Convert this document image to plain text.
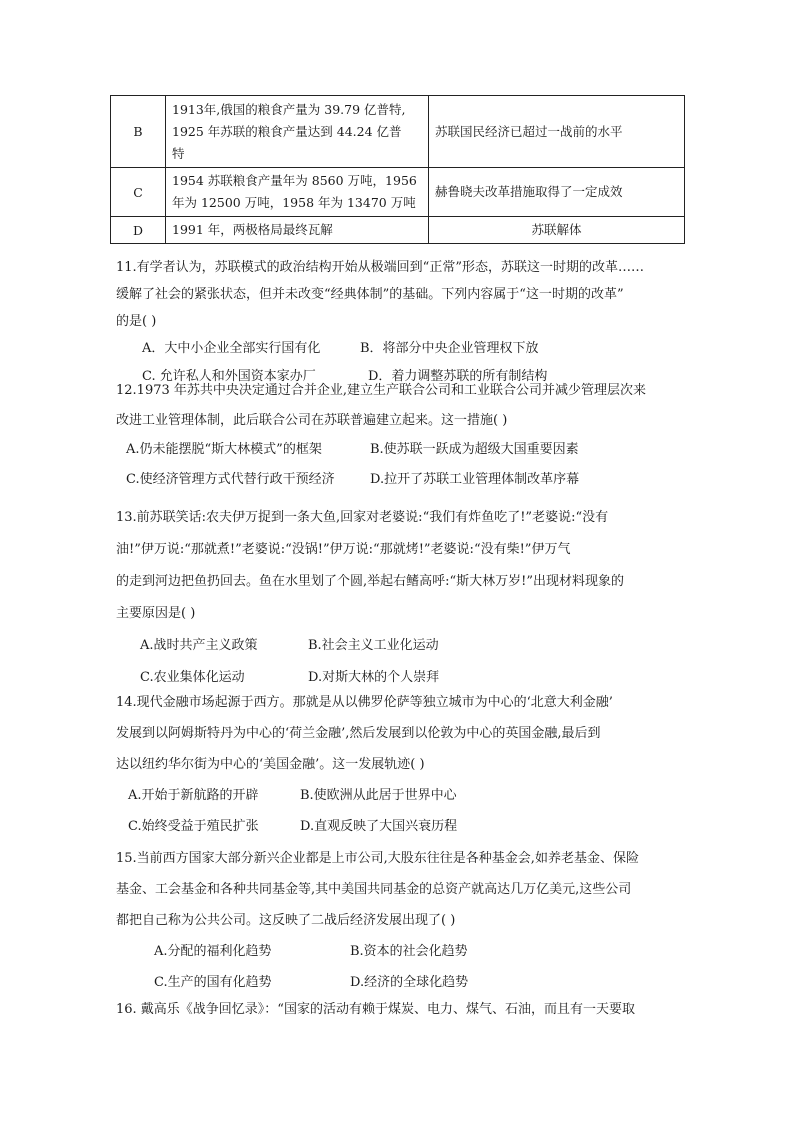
B	1913年,俄国的粮食产量为 39.79 亿普特,
1925 年苏联的粮食产量达到 44.24 亿普
特	苏联国民经济已超过一战前的水平
C	1954 苏联粮食产量年为 8560 万吨，1956
年为 12500 万吨，1958 年为 13470 万吨	赫鲁晓夫改革措施取得了一定成效
D	1991 年，两极格局最终瓦解	苏联解体

11.有学者认为，苏联模式的政治结构开始从极端回到“正常”形态，苏联这一时期的改革……

缓解了社会的紧张状态，但并未改变“经典体制”的基础。下列内容属于“这一时期的改革”

的是( )

A．大中小企业全部实行国有化	B．将部分中央企业管理权下放
C. 允许私人和外国资本家办厂	D．着力调整苏联的所有制结构

12.1973 年苏共中央决定通过合并企业,建立生产联合公司和工业联合公司并减少管理层次来

改进工业管理体制，此后联合公司在苏联普遍建立起来。这一措施( )

A.仍未能摆脱“斯大林模式”的框架	B.使苏联一跃成为超级大国重要因素
C.使经济管理方式代替行政干预经济	D.拉开了苏联工业管理体制改革序幕

13.前苏联笑话:农夫伊万捉到一条大鱼,回家对老婆说:“我们有炸鱼吃了!”老婆说:“没有

油!”伊万说:“那就煮!”老婆说:“没锅!”伊万说:“那就烤!”老婆说:“没有柴!”伊万气

的走到河边把鱼扔回去。鱼在水里划了个圆,举起右鳍高呼:“斯大林万岁!”出现材料现象的

主要原因是( )

A.战时共产主义政策	B.社会主义工业化运动
C.农业集体化运动	D.对斯大林的个人崇拜

14.现代金融市场起源于西方。那就是从以佛罗伦萨等独立城市为中心的‘北意大利金融’

发展到以阿姆斯特丹为中心的‘荷兰金融’,然后发展到以伦敦为中心的英国金融,最后到

达以纽约华尔街为中心的‘美国金融’。这一发展轨迹( )

A.开始于新航路的开辟	B.使欧洲从此居于世界中心
C.始终受益于殖民扩张	D.直观反映了大国兴衰历程

15.当前西方国家大部分新兴企业都是上市公司,大股东往往是各种基金会,如养老基金、保险

基金、工会基金和各种共同基金等,其中美国共同基金的总资产就高达几万亿美元,这些公司

都把自己称为公共公司。这反映了二战后经济发展出现了( )

A.分配的福利化趋势	B.资本的社会化趋势
C.生产的国有化趋势	D.经济的全球化趋势

16. 戴高乐《战争回忆录》：“国家的活动有赖于煤炭、电力、煤气、石油，而且有一天要取
